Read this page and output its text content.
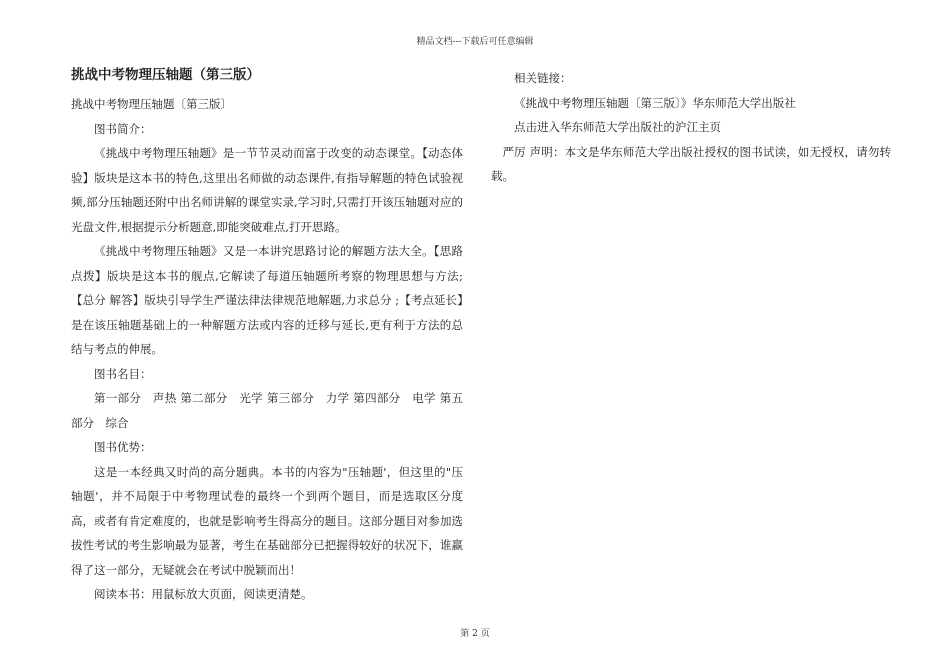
精品文档---下载后可任意编辑

挑战中考物理压轴题（第三版）

挑战中考物理压轴题〔第三版〕

图书简介：

《挑战中考物理压轴题》是一节节灵动而富于改变的动态课堂。【动态体验】版块是这本书的特色,这里出名师做的动态课件,有指导解题的特色试验视频,部分压轴题还附中出名师讲解的课堂实录,学习时,只需打开该压轴题对应的光盘文件,根据提示分析题意,即能突破难点,打开思路。

《挑战中考物理压轴题》又是一本讲究思路讨论的解题方法大全。【思路点拨】版块是这本书的舰点,它解读了每道压轴题所考察的物理思想与方法;【总分 解答】版块引导学生严谨法律法律规范地解题,力求总分 ;【考点延长】是在该压轴题基础上的一种解题方法或内容的迁移与延长,更有利于方法的总结与考点的伸展。

图书名目：

第一部分　声热 第二部分　光学 第三部分　力学 第四部分　电学 第五部分　综合

图书优势：

这是一本经典又时尚的高分题典。本书的内容为"压轴题'，但这里的"压轴题'，并不局限于中考物理试卷的最终一个到两个题目，而是选取区分度高，或者有肯定难度的，也就是影响考生得高分的题目。这部分题目对参加选拔性考试的考生影响最为显著，考生在基础部分已把握得较好的状况下，谁赢得了这一部分，无疑就会在考试中脱颖而出！

阅读本书：用鼠标放大页面，阅读更清楚。

相关链接：

《挑战中考物理压轴题〔第三版〕》华东师范大学出版社

点击进入华东师范大学出版社的沪江主页

严厉 声明：本文是华东师范大学出版社授权的图书试读，如无授权，请勿转载。

第 2 页
